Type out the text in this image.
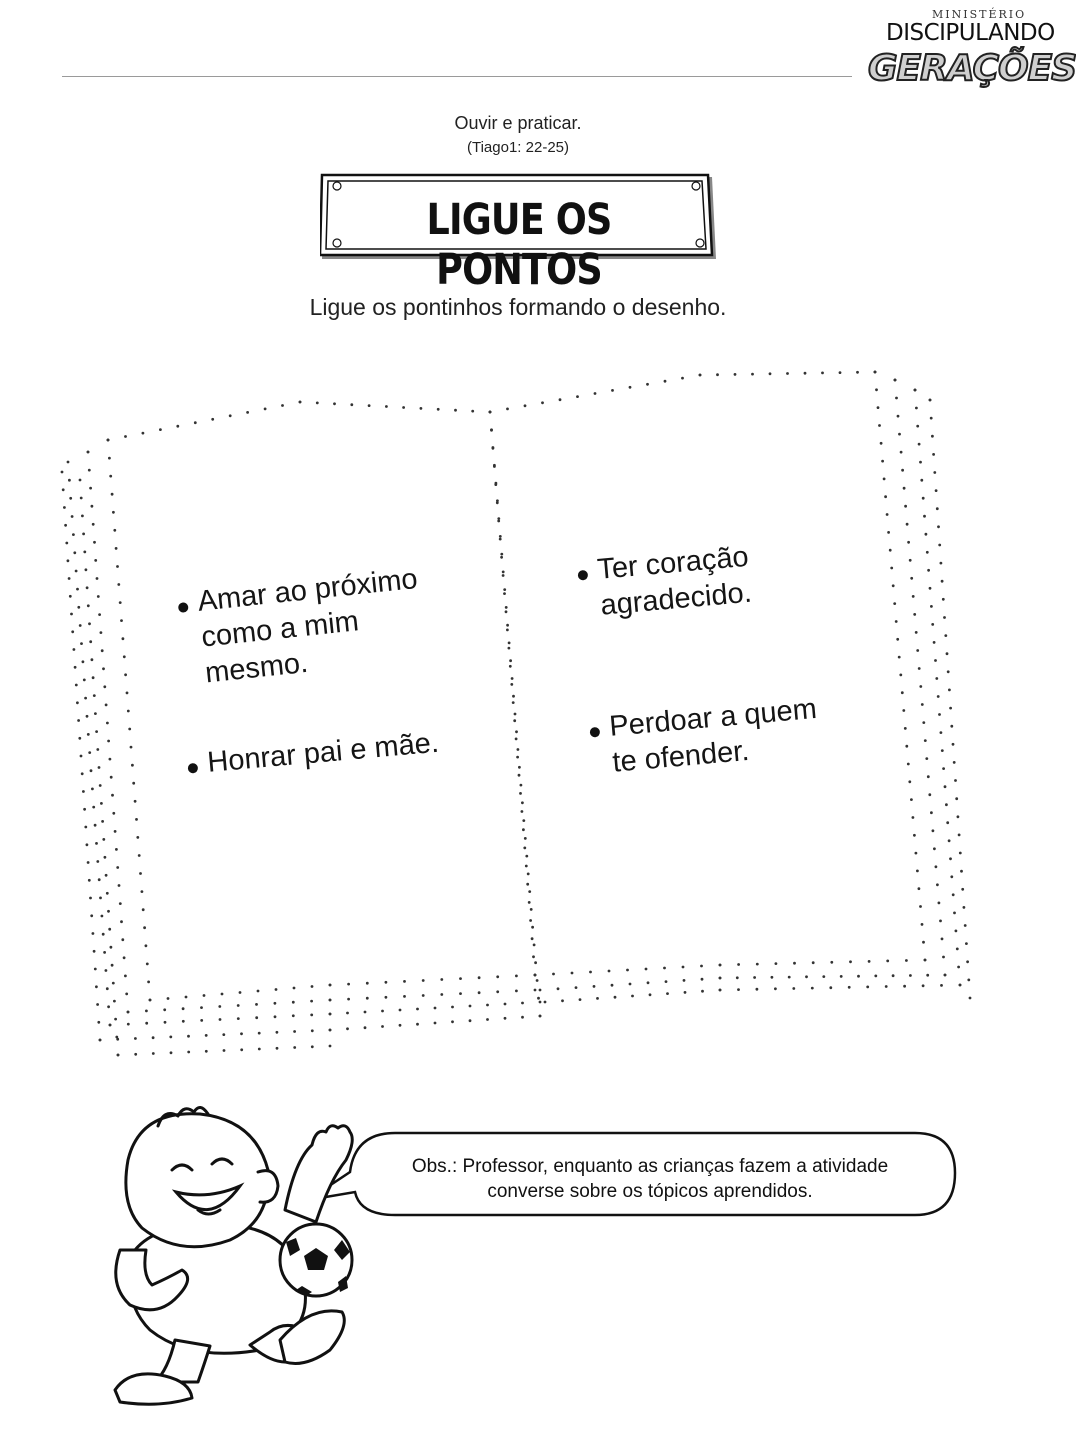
MINISTÉRIO
DISCIPULANDO
GERAÇÕES
Ouvir e praticar.
(Tiago1: 22-25)
LIGUE OS PONTOS
Ligue os pontinhos formando o desenho.
Amar ao próximo
como a mim
mesmo.
Honrar pai e mãe.
Ter coração
agradecido.
Perdoar a quem
te ofender.
Obs.: Professor, enquanto as crianças fazem a atividade
converse sobre os tópicos aprendidos.
